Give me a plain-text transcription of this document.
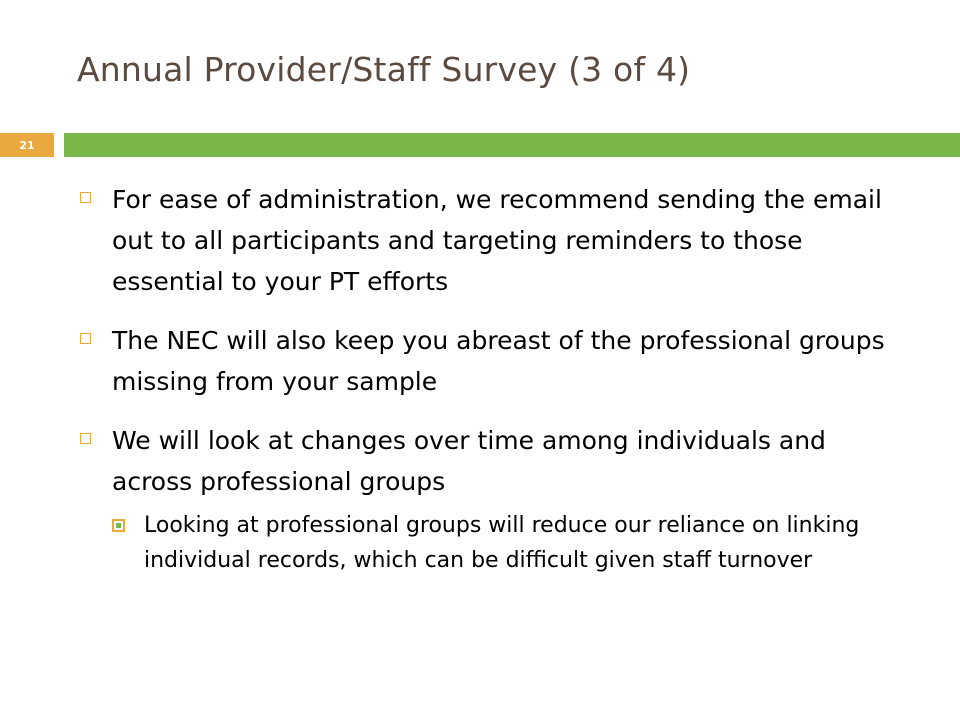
Annual Provider/Staff Survey (3 of 4)
21
For ease of administration, we recommend sending the email out to all participants and targeting reminders to those essential to your PT efforts
The NEC will also keep you abreast of the professional groups missing from your sample
We will look at changes over time among individuals and across professional groups
Looking at professional groups will reduce our reliance on linking individual records, which can be difficult given staff turnover
